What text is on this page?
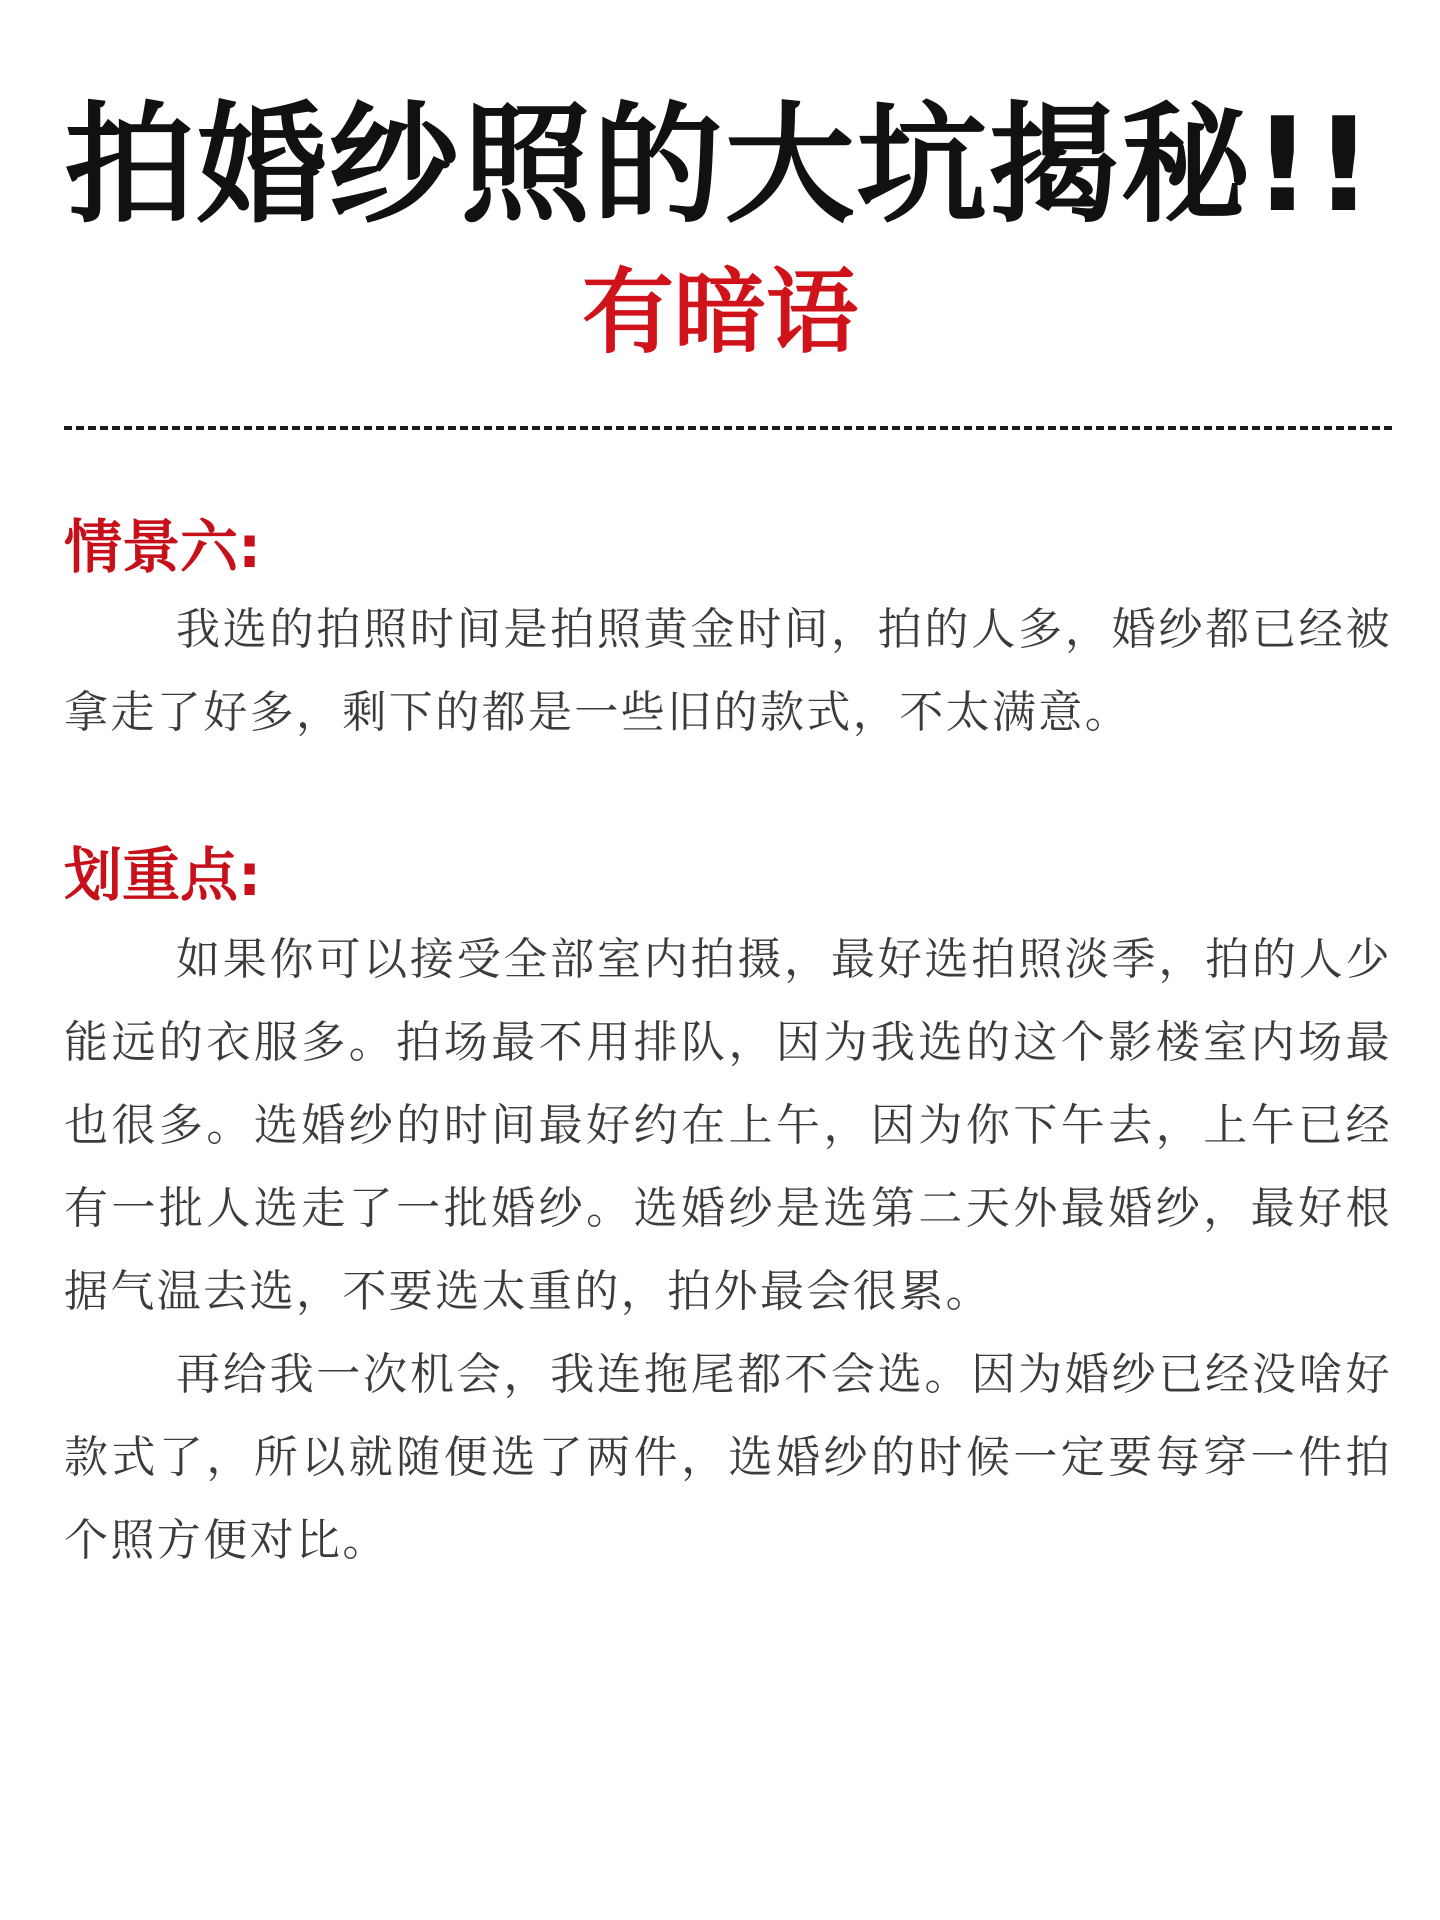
拍婚纱照的大坑揭秘!!
有暗语
情景六:

我选的拍照时间是拍照黄金时间，拍的人多，婚纱都已经被拿走了好多，剩下的都是一些旧的款式，不太满意。

划重点:

如果你可以接受全部室内拍摄，最好选拍照淡季，拍的人少能远的衣服多。拍场最不用排队，因为我选的这个影楼室内场最也很多。选婚纱的时间最好约在上午，因为你下午去，上午已经有一批人选走了一批婚纱。选婚纱是选第二天外最婚纱，最好根据气温去选，不要选太重的，拍外最会很累。

再给我一次机会，我连拖尾都不会选。因为婚纱已经没啥好款式了，所以就随便选了两件，选婚纱的时候一定要每穿一件拍个照方便对比。
